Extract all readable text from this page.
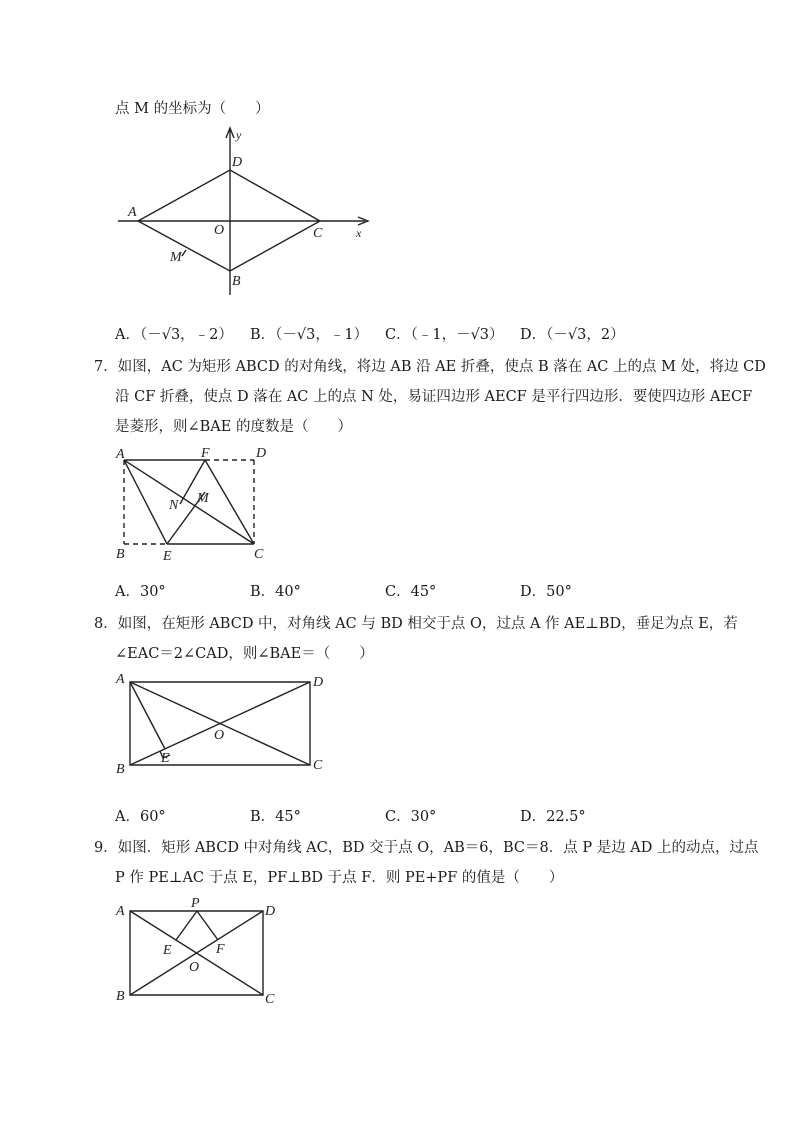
点 M 的坐标为（　　）
y
x
D
A
O	C
M
B
A．（－√3，﹣2） B．（－√3，﹣1） C．（﹣1，－√3） D．（－√3，2）
7．如图，AC 为矩形 ABCD 的对角线，将边 AB 沿 AE 折叠，使点 B 落在 AC 上的点 M 处，将边 CD
沿 CF 折叠，使点 D 落在 AC 上的点 N 处，易证四边形 AECF 是平行四边形．要使四边形 AECF
是菱形，则∠BAE 的度数是（　　）
A	F	D
N M
B	E	C
A．30°	B．40°	C．45°	D．50°
8．如图，在矩形 ABCD 中，对角线 AC 与 BD 相交于点 O，过点 A 作 AE⊥BD，垂足为点 E，若
∠EAC＝2∠CAD，则∠BAE＝（　　）
A	D
O
E
B	C
A．60°	B．45°	C．30°	D．22.5°
9．如图．矩形 ABCD 中对角线 AC，BD 交于点 O，AB＝6，BC＝8．点 P 是边 AD 上的动点，过点
P 作 PE⊥AC 于点 E，PF⊥BD 于点 F．则 PE+PF 的值是（　　）
A
P
D
E	F
O
B	C
